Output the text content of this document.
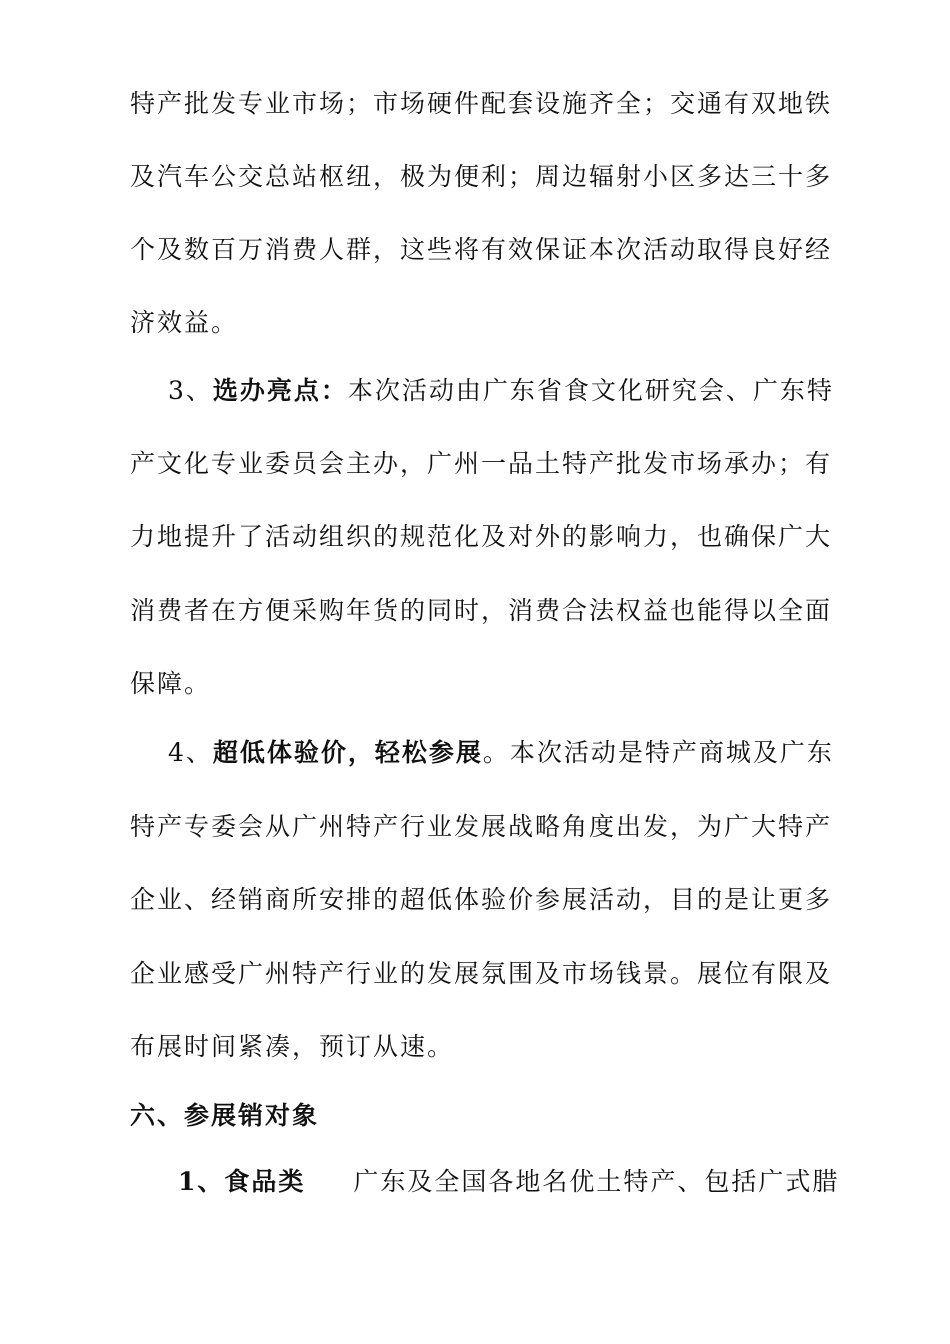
特产批发专业市场；市场硬件配套设施齐全；交通有双地铁
及汽车公交总站枢纽，极为便利；周边辐射小区多达三十多
个及数百万消费人群，这些将有效保证本次活动取得良好经
济效益。
3、选办亮点：本次活动由广东省食文化研究会、广东特
产文化专业委员会主办，广州一品土特产批发市场承办；有
力地提升了活动组织的规范化及对外的影响力，也确保广大
消费者在方便采购年货的同时，消费合法权益也能得以全面
保障。
4、超低体验价，轻松参展。本次活动是特产商城及广东
特产专委会从广州特产行业发展战略角度出发，为广大特产
企业、经销商所安排的超低体验价参展活动，目的是让更多
企业感受广州特产行业的发展氛围及市场钱景。展位有限及
布展时间紧凑，预订从速。
六、参展销对象
1、食品类 广东及全国各地名优土特产、包括广式腊
